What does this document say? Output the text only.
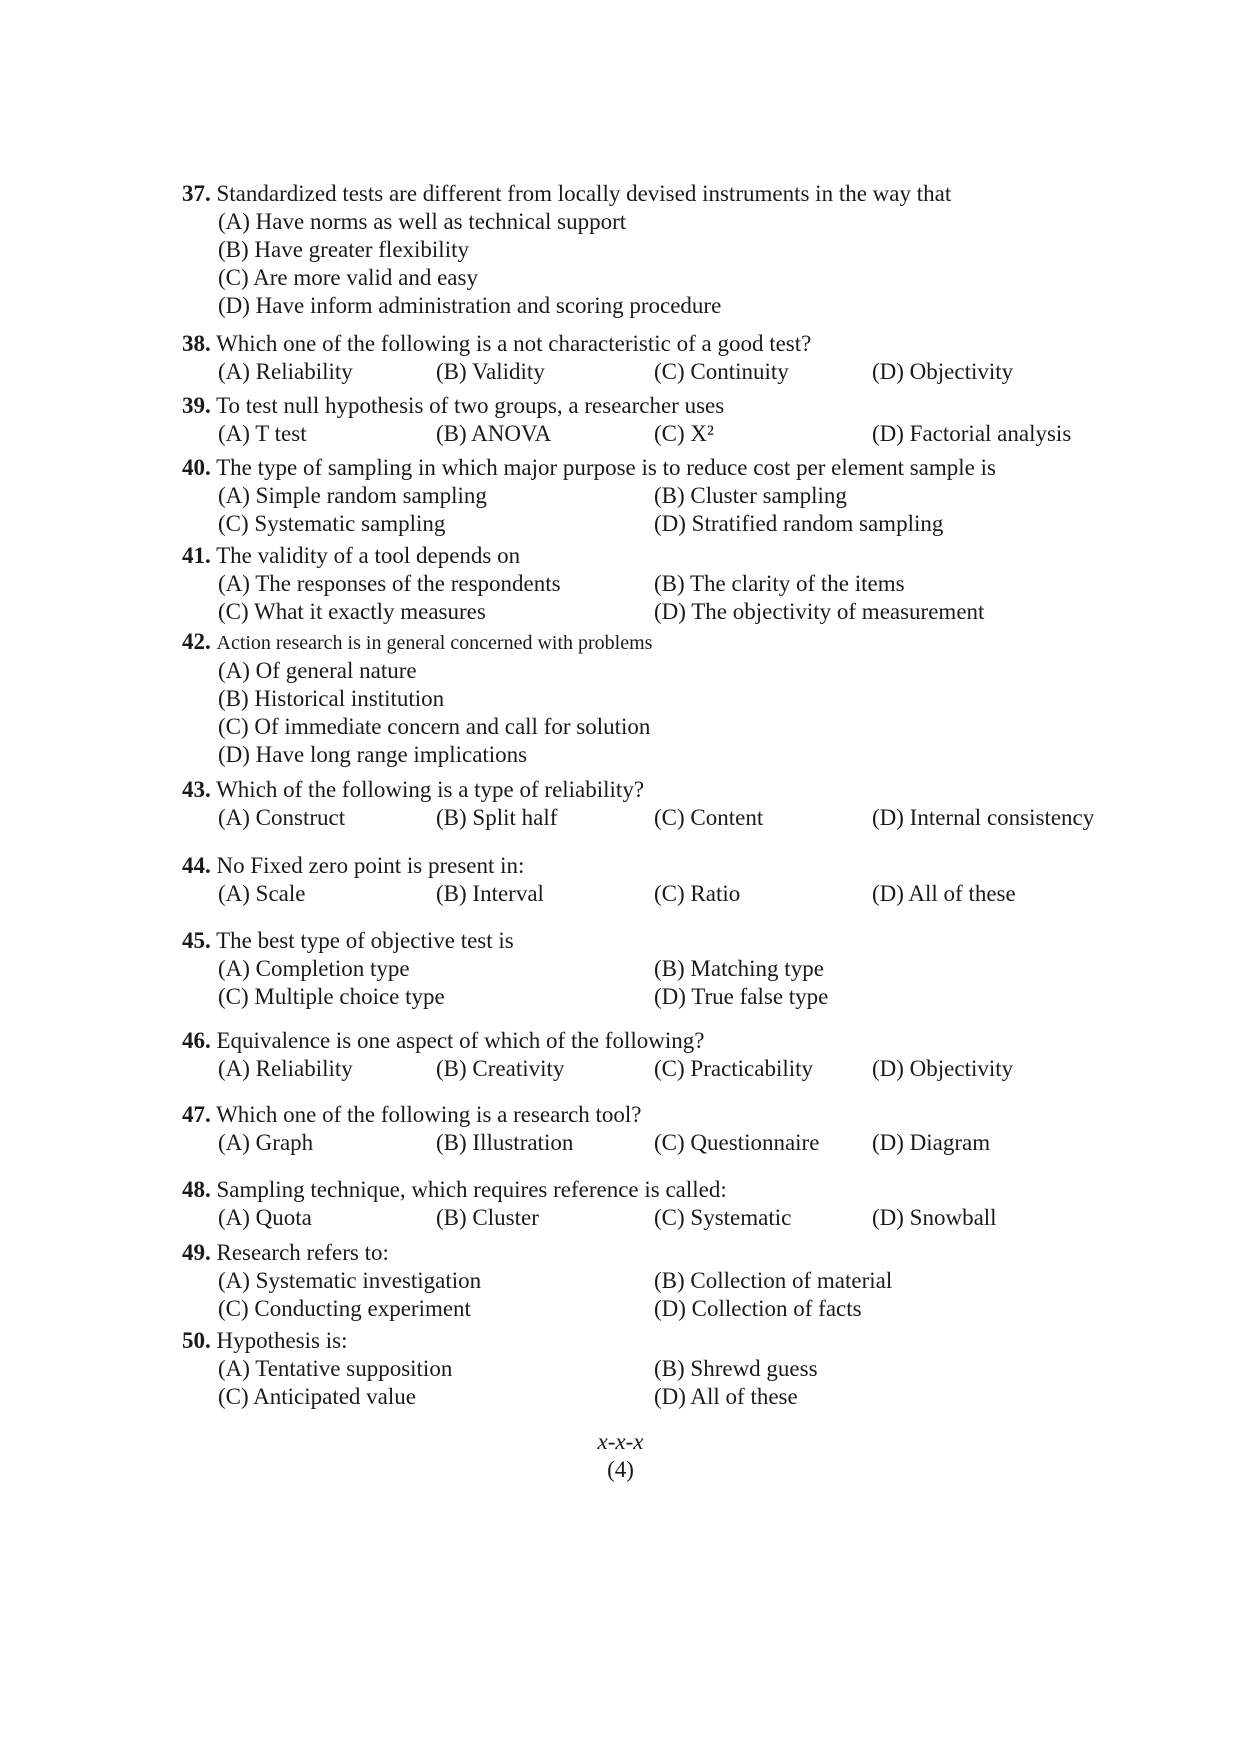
37. Standardized tests are different from locally devised instruments in the way that
(A) Have norms as well as technical support
(B) Have greater flexibility
(C) Are more valid and easy
(D) Have inform administration and scoring procedure
38. Which one of the following is a not characteristic of a good test?
(A) Reliability	(B) Validity	(C) Continuity	(D) Objectivity
39. To test null hypothesis of two groups, a researcher uses
(A) T test	(B) ANOVA	(C) X²	(D) Factorial analysis
40. The type of sampling in which major purpose is to reduce cost per element sample is
(A) Simple random sampling	(B) Cluster sampling
(C) Systematic sampling	(D) Stratified random sampling
41. The validity of a tool depends on
(A) The responses of the respondents	(B) The clarity of the items
(C) What it exactly measures	(D) The objectivity of measurement
42. Action research is in general concerned with problems
(A) Of general nature
(B) Historical institution
(C) Of immediate concern and call for solution
(D) Have long range implications
43. Which of the following is a type of reliability?
(A) Construct	(B) Split half	(C) Content	(D) Internal consistency
44. No Fixed zero point is present in:
(A) Scale	(B) Interval	(C) Ratio	(D) All of these
45. The best type of objective test is
(A) Completion type	(B) Matching type
(C) Multiple choice type	(D) True false type
46. Equivalence is one aspect of which of the following?
(A) Reliability	(B) Creativity	(C) Practicability	(D) Objectivity
47. Which one of the following is a research tool?
(A) Graph	(B) Illustration	(C) Questionnaire (D) Diagram
48. Sampling technique, which requires reference is called:
(A) Quota	(B) Cluster	(C) Systematic	(D) Snowball
49. Research refers to:
(A) Systematic investigation	(B) Collection of material
(C) Conducting experiment	(D) Collection of facts
50. Hypothesis is:
(A) Tentative supposition	(B) Shrewd guess
(C) Anticipated value	(D) All of these
x-x-x
(4)
